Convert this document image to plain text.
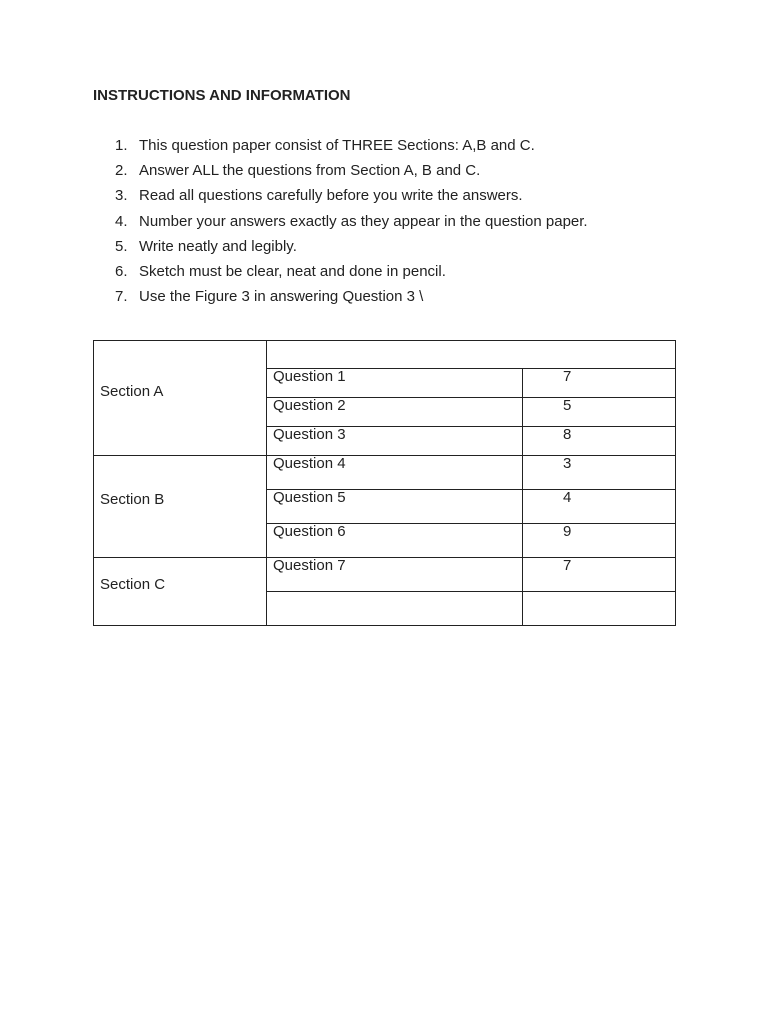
INSTRUCTIONS AND INFORMATION
1. This question paper consist of THREE Sections: A,B and C.
2. Answer ALL the questions from Section A, B and C.
3. Read all questions carefully before you write the answers.
4. Number your answers exactly as they appear in the question paper.
5. Write neatly and legibly.
6. Sketch must be clear, neat and done in pencil.
7. Use the Figure 3 in answering Question 3 \
Section A		
	Question 1	7
	Question 2	5
	Question 3	8
Section B	Question 4	3
	Question 5	4
	Question 6	9
Section C	Question 7	7
